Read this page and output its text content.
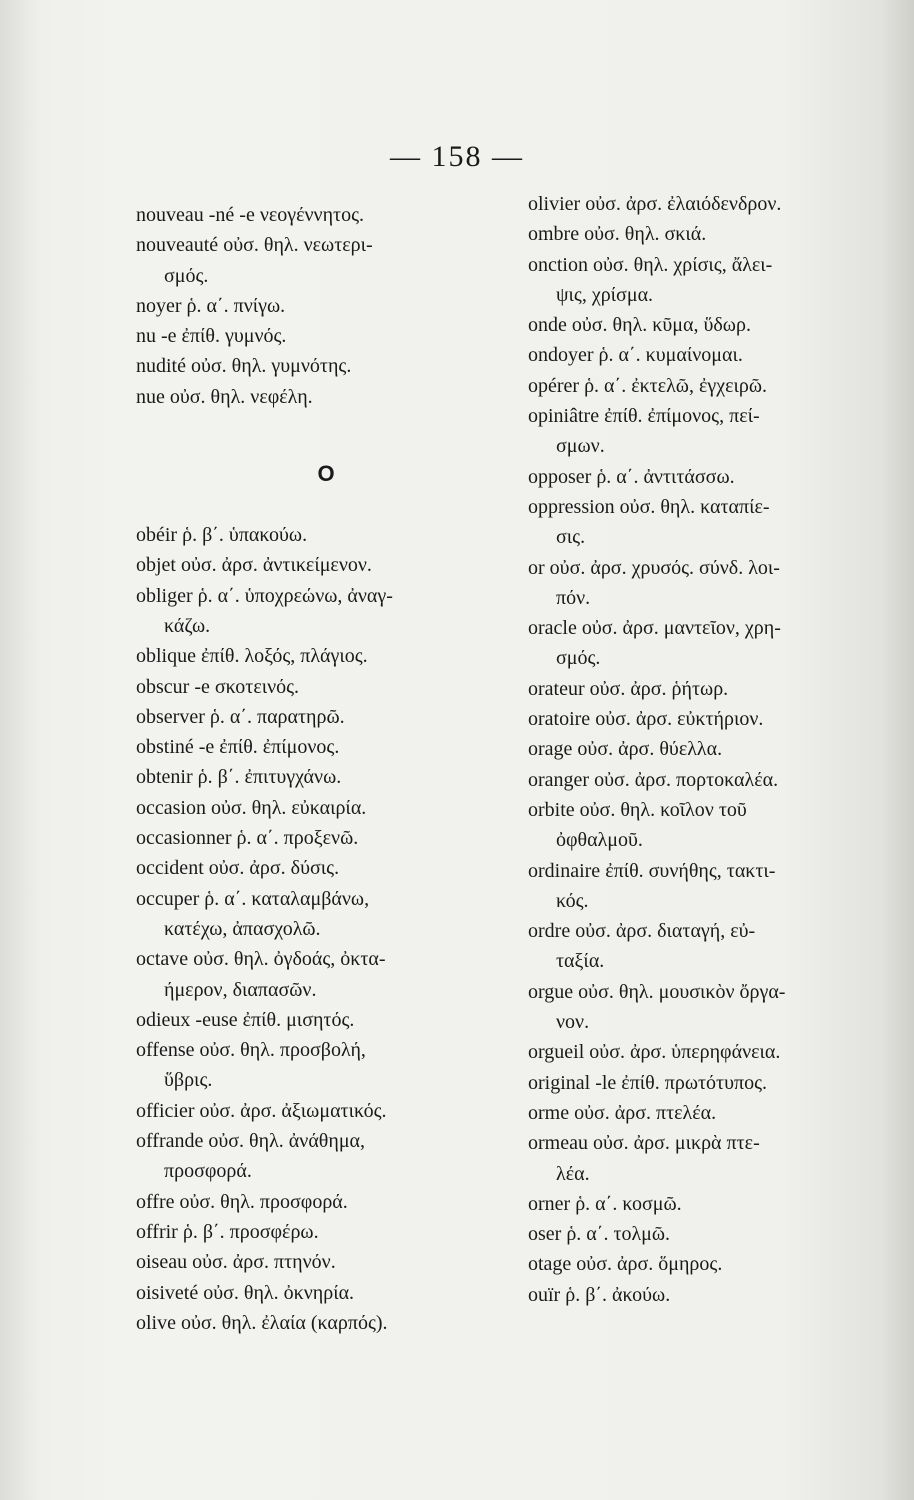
— 158 —
nouveau -né -e νεογέννητος.
nouveauté οὐσ. θηλ. νεωτερι-
σμός.
noyer ῥ. α΄. πνίγω.
nu -e ἐπίθ. γυμνός.
nudité οὐσ. θηλ. γυμνότης.
nue οὐσ. θηλ. νεφέλη.
O
obéir ῥ. β΄. ὑπακούω.
objet οὐσ. ἀρσ. ἀντικείμενον.
obliger ῥ. α΄. ὑποχρεώνω, ἀναγ-
κάζω.
oblique ἐπίθ. λοξός, πλάγιος.
obscur -e σκοτεινός.
observer ῥ. α΄. παρατηρῶ.
obstiné -e ἐπίθ. ἐπίμονος.
obtenir ῥ. β΄. ἐπιτυγχάνω.
occasion οὐσ. θηλ. εὐκαιρία.
occasionner ῥ. α΄. προξενῶ.
occident οὐσ. ἀρσ. δύσις.
occuper ῥ. α΄. καταλαμβάνω,
κατέχω, ἀπασχολῶ.
octave οὐσ. θηλ. ὀγδοάς, ὀκτα-
ήμερον, διαπασῶν.
odieux -euse ἐπίθ. μισητός.
offense οὐσ. θηλ. προσβολή,
ὕβρις.
officier οὐσ. ἀρσ. ἀξιωματικός.
offrande οὐσ. θηλ. ἀνάθημα,
προσφορά.
offre οὐσ. θηλ. προσφορά.
offrir ῥ. β΄. προσφέρω.
oiseau οὐσ. ἀρσ. πτηνόν.
oisiveté οὐσ. θηλ. ὀκνηρία.
olive οὐσ. θηλ. ἐλαία (καρπός).
olivier οὐσ. ἀρσ. ἐλαιόδενδρον.
ombre οὐσ. θηλ. σκιά.
onction οὐσ. θηλ. χρίσις, ἄλει-
ψις, χρίσμα.
onde οὐσ. θηλ. κῦμα, ὕδωρ.
ondoyer ῥ. α΄. κυμαίνομαι.
opérer ῥ. α΄. ἐκτελῶ, ἐγχειρῶ.
opiniâtre ἐπίθ. ἐπίμονος, πεί-
σμων.
opposer ῥ. α΄. ἀντιτάσσω.
oppression οὐσ. θηλ. καταπίε-
σις.
or οὐσ. ἀρσ. χρυσός. σύνδ. λοι-
πόν.
oracle οὐσ. ἀρσ. μαντεῖον, χρη-
σμός.
orateur οὐσ. ἀρσ. ῥήτωρ.
oratoire οὐσ. ἀρσ. εὐκτήριον.
orage οὐσ. ἀρσ. θύελλα.
oranger οὐσ. ἀρσ. πορτοκαλέα.
orbite οὐσ. θηλ. κοῖλον τοῦ
ὀφθαλμοῦ.
ordinaire ἐπίθ. συνήθης, τακτι-
κός.
ordre οὐσ. ἀρσ. διαταγή, εὐ-
ταξία.
orgue οὐσ. θηλ. μουσικὸν ὄργα-
νον.
orgueil οὐσ. ἀρσ. ὑπερηφάνεια.
original -le ἐπίθ. πρωτότυπος.
orme οὐσ. ἀρσ. πτελέα.
ormeau οὐσ. ἀρσ. μικρὰ πτε-
λέα.
orner ῥ. α΄. κοσμῶ.
oser ῥ. α΄. τολμῶ.
otage οὐσ. ἀρσ. ὅμηρος.
ouïr ῥ. β΄. ἀκούω.
